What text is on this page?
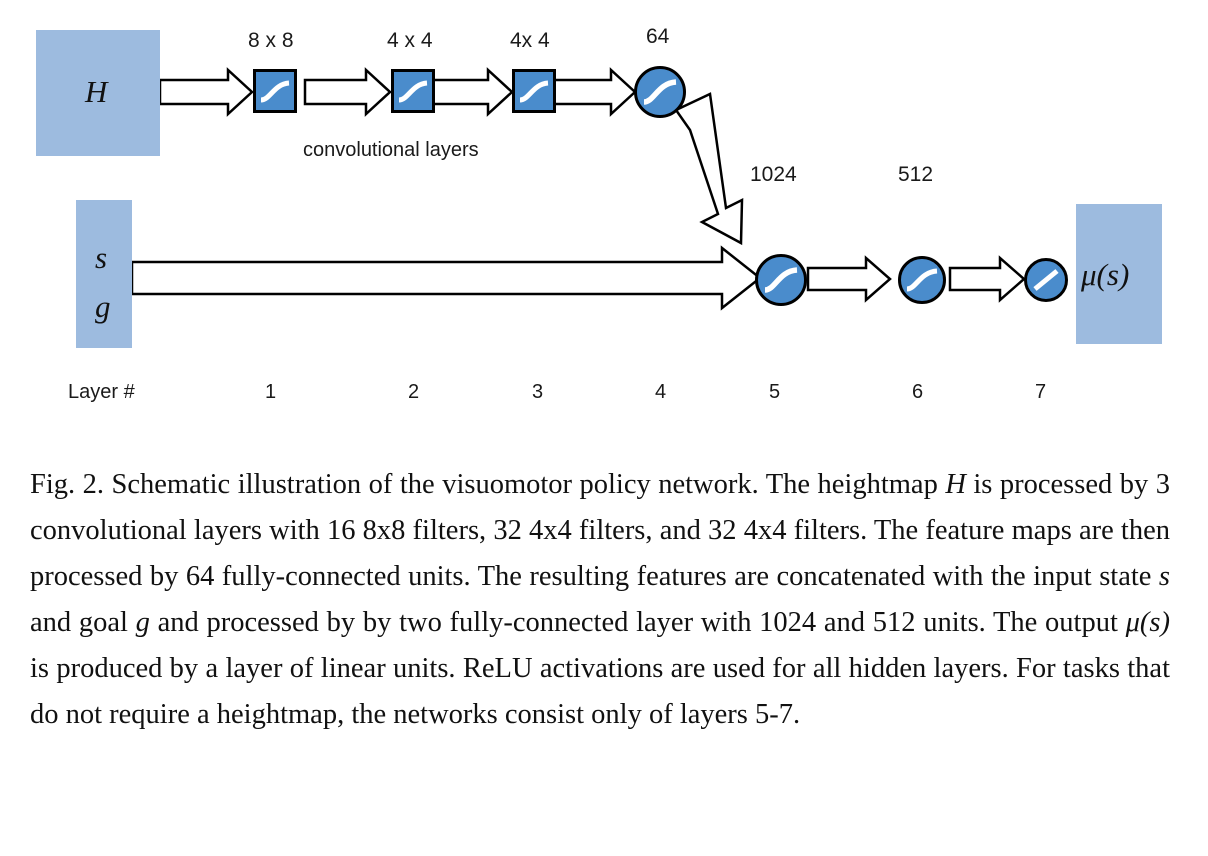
H
s
g
8 x 8	4 x 4	4x 4
convolutional layers
64
1024	512
μ(s)
Layer #	1	2	3	4	5	6	7
Fig. 2. Schematic illustration of the visuomotor policy network. The heightmap H is processed by 3 convolutional layers with 16 8x8 filters, 32 4x4 filters, and 32 4x4 filters. The feature maps are then processed by 64 fully-connected units. The resulting features are concatenated with the input state s and goal g and processed by by two fully-connected layer with 1024 and 512 units. The output μ(s) is produced by a layer of linear units. ReLU activations are used for all hidden layers. For tasks that do not require a heightmap, the networks consist only of layers 5-7.
